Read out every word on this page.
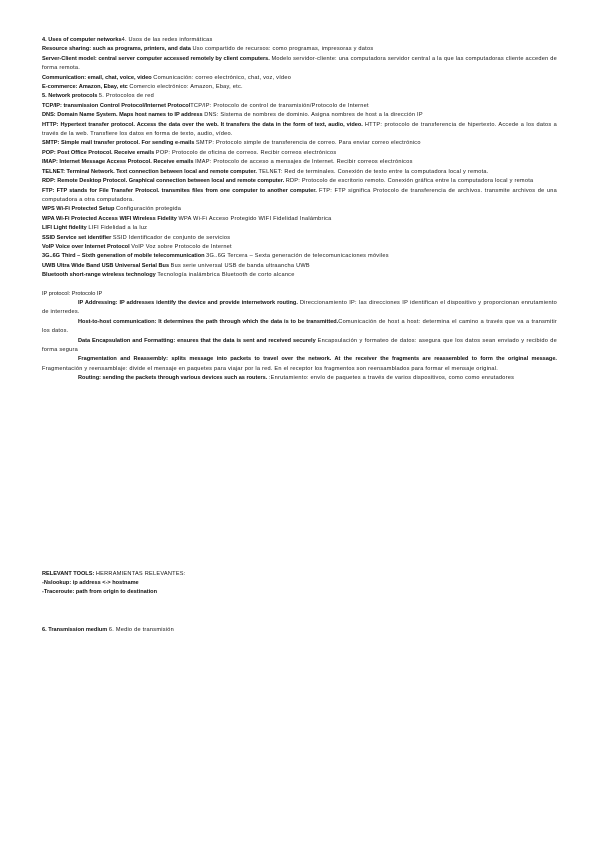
4. Uses of computer networks4. Usos de las redes informáticas

Resource sharing: such as programs, printers, and data Uso compartido de recursos: como programas, impresoras y datos

Server-Client model: central server computer accessed remotely by client computers. Modelo servidor-cliente: una computadora servidor central a la que las computadoras cliente acceden de forma remota.

Communication: email, chat, voice, video Comunicación: correo electrónico, chat, voz, vídeo

E-commerce: Amazon, Ebay, etc Comercio electrónico: Amazon, Ebay, etc.

5. Network protocols 5. Protocolos de red

TCP/IP: transmission Control Protocol/Internet ProtocolTCP/IP: Protocolo de control de transmisión/Protocolo de Internet

DNS: Domain Name System. Maps host names to IP address DNS: Sistema de nombres de dominio. Asigna nombres de host a la dirección IP

HTTP: Hypertext transfer protocol. Access the data over the web. It transfers the data in the form of text, audio, video. HTTP: protocolo de transferencia de hipertexto. Accede a los datos a través de la web. Transfiere los datos en forma de texto, audio, vídeo.

SMTP: Simple mail transfer protocol. For sending e-mails SMTP: Protocolo simple de transferencia de correo. Para enviar correo electrónico

POP: Post Office Protocol. Receive emails POP: Protocolo de oficina de correos. Recibir correos electrónicos

IMAP: Internet Message Access Protocol. Receive emails IMAP: Protocolo de acceso a mensajes de Internet. Recibir correos electrónicos

TELNET: Terminal Network. Text connection between local and remote computer. TELNET: Red de terminales. Conexión de texto entre la computadora local y remota.

RDP: Remote Desktop Protocol. Graphical connection between local and remote computer. RDP: Protocolo de escritorio remoto. Conexión gráfica entre la computadora local y remota

FTP: FTP stands for File Transfer Protocol. transmites files from one computer to another computer. FTP: FTP significa Protocolo de transferencia de archivos. transmite archivos de una computadora a otra computadora.

WPS Wi-Fi Protected Setup Configuración protegida

WPA Wi-Fi Protected Access WIFI Wireless Fidelity WPA Wi-Fi Acceso Protegido WIFI Fidelidad Inalámbrica

LIFI Light fidelity LIFI Fidelidad a la luz

SSID Service set identifier SSID Identificador de conjunto de servicios

VoIP Voice over Internet Protocol VoIP Voz sobre Protocolo de Internet

3G..6G Third – Sixth generation of mobile telecommunication 3G..6G Tercera – Sexta generación de telecomunicaciones móviles

UWB Ultra Wide Band USB Universal Serial Bus Bus serie universal USB de banda ultraancha UWB

Bluetooth short-range wireless technology Tecnología inalámbrica Bluetooth de corto alcance

IP protocol: Protocolo IP

IP Addressing: IP addresses identify the device and provide internetwork routing. Direccionamiento IP: las direcciones IP identifican el dispositivo y proporcionan enrutamiento de interredes.

Host-to-host communication: It determines the path through which the data is to be transmitted.Comunicación de host a host: determina el camino a través que va a transmitir los datos.

Data Encapsulation and Formatting: ensures that the data is sent and received securely Encapsulación y formateo de datos: asegura que los datos sean enviado y recibido de forma segura

Fragmentation and Reassembly: splits message into packets to travel over the network. At the receiver the fragments are reassembled to form the original message. Fragmentación y reensamblaje: divide el mensaje en paquetes para viajar por la red. En el receptor los fragmentos son reensamblados para formar el mensaje original.

Routing: sending the packets through various devices such as routers. :Enrutamiento: envío de paquetes a través de varios dispositivos, como como enrutadores

RELEVANT TOOLS: HERRAMIENTAS RELEVANTES:

-Nslookup: ip address <-> hostname

-Traceroute: path from origin to destination

6. Transmission medium 6. Medio de transmisión
